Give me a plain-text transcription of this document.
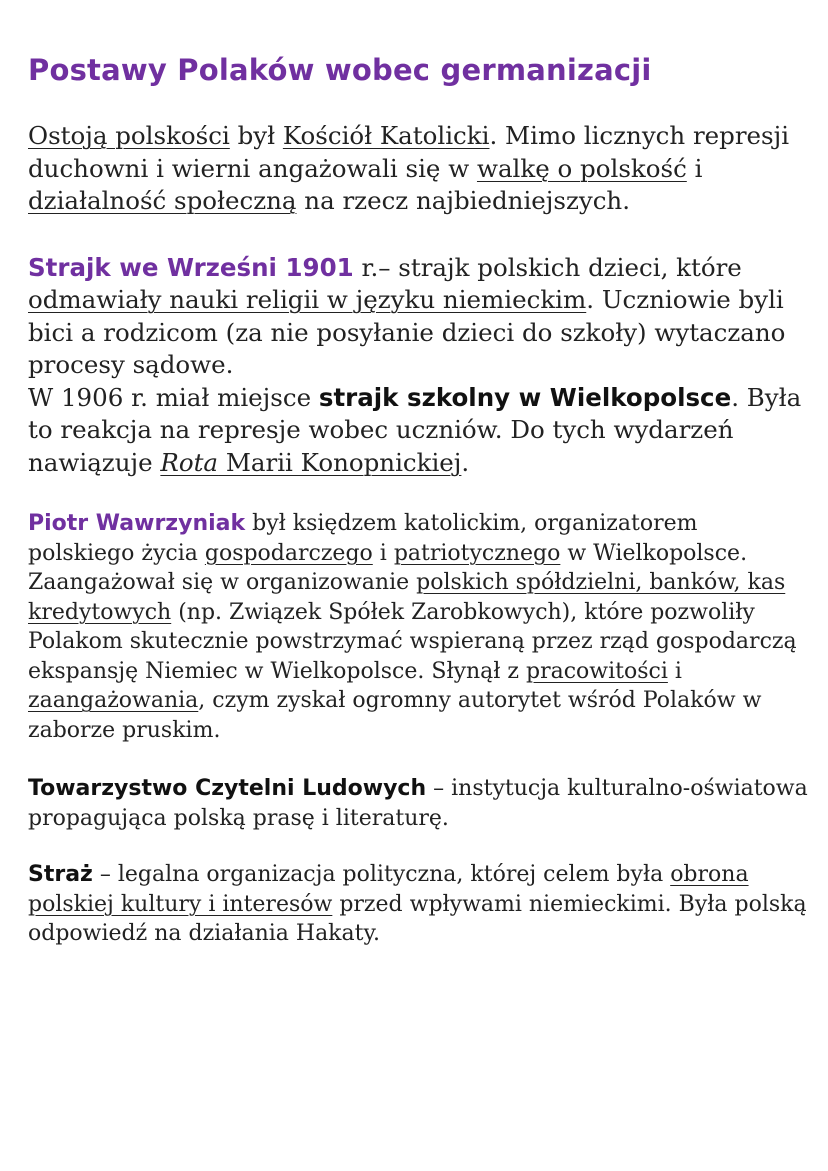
Postawy Polaków wobec germanizacji

Ostoją polskości był Kościół Katolicki. Mimo licznych represji duchowni i wierni angażowali się w walkę o polskość i działalność społeczną na rzecz najbiedniejszych.

Strajk we Wrześni 1901 r.– strajk polskich dzieci, które odmawiały nauki religii w języku niemieckim. Uczniowie byli bici a rodzicom (za nie posyłanie dzieci do szkoły) wytaczano procesy sądowe.
W 1906 r. miał miejsce strajk szkolny w Wielkopolsce. Była to reakcja na represje wobec uczniów. Do tych wydarzeń nawiązuje Rota Marii Konopnickiej.

Piotr Wawrzyniak był księdzem katolickim, organizatorem polskiego życia gospodarczego i patriotycznego w Wielkopolsce. Zaangażował się w organizowanie polskich spółdzielni, banków, kas kredytowych (np. Związek Spółek Zarobkowych), które pozwoliły Polakom skutecznie powstrzymać wspieraną przez rząd gospodarczą ekspansję Niemiec w Wielkopolsce. Słynął z pracowitości i zaangażowania, czym zyskał ogromny autorytet wśród Polaków w zaborze pruskim.

Towarzystwo Czytelni Ludowych – instytucja kulturalno-oświatowa propagująca polską prasę i literaturę.

Straż – legalna organizacja polityczna, której celem była obrona polskiej kultury i interesów przed wpływami niemieckimi. Była polską odpowiedź na działania Hakaty.
